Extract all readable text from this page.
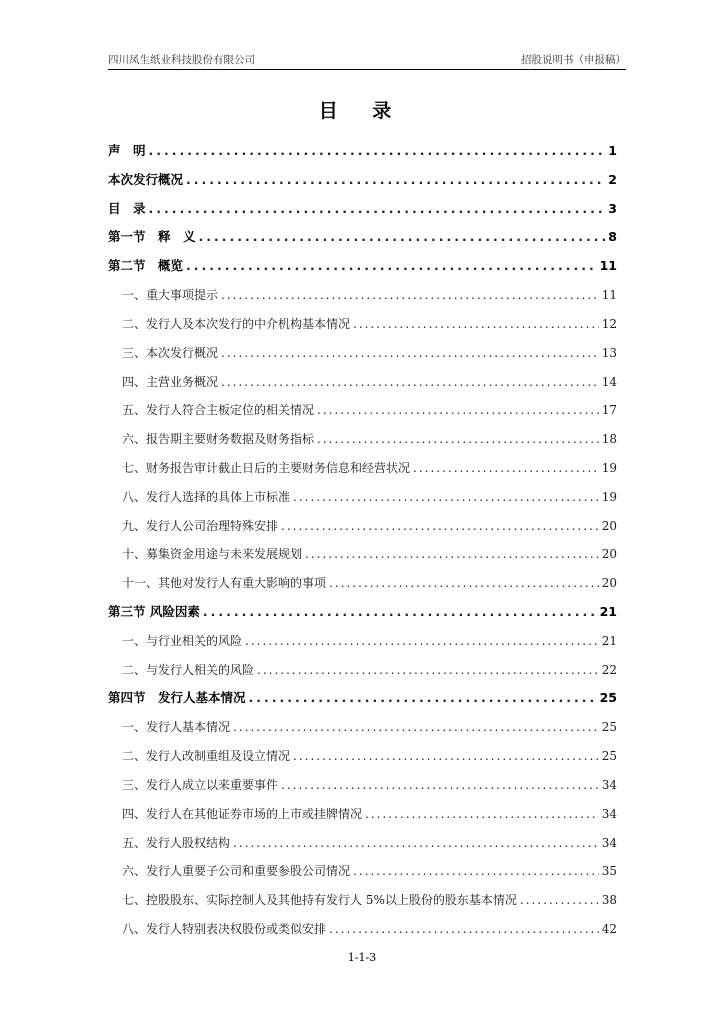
四川凤生纸业科技股份有限公司	招股说明书（申报稿）
目 录
声　明 .....	1
本次发行概况 .....	2
目　录 .....	3
第一节　释　义 .....	8
第二节　概览 .....	11
一、重大事项提示 .....	11
二、发行人及本次发行的中介机构基本情况 .....	12
三、本次发行概况 .....	13
四、主营业务概况 .....	14
五、发行人符合主板定位的相关情况 .....	17
六、报告期主要财务数据及财务指标 .....	18
七、财务报告审计截止日后的主要财务信息和经营状况 .....	19
八、发行人选择的具体上市标准 .....	19
九、发行人公司治理特殊安排 .....	20
十、募集资金用途与未来发展规划 .....	20
十一、其他对发行人有重大影响的事项 .....	20
第三节 风险因素 .....	21
一、与行业相关的风险 .....	21
二、与发行人相关的风险 .....	22
第四节　发行人基本情况 .....	25
一、发行人基本情况 .....	25
二、发行人改制重组及设立情况 .....	25
三、发行人成立以来重要事件 .....	34
四、发行人在其他证券市场的上市或挂牌情况 .....	34
五、发行人股权结构 .....	34
六、发行人重要子公司和重要参股公司情况 .....	35
七、控股股东、实际控制人及其他持有发行人 5%以上股份的股东基本情况 .....	38
八、发行人特别表决权股份或类似安排 .....	42
1-1-3
